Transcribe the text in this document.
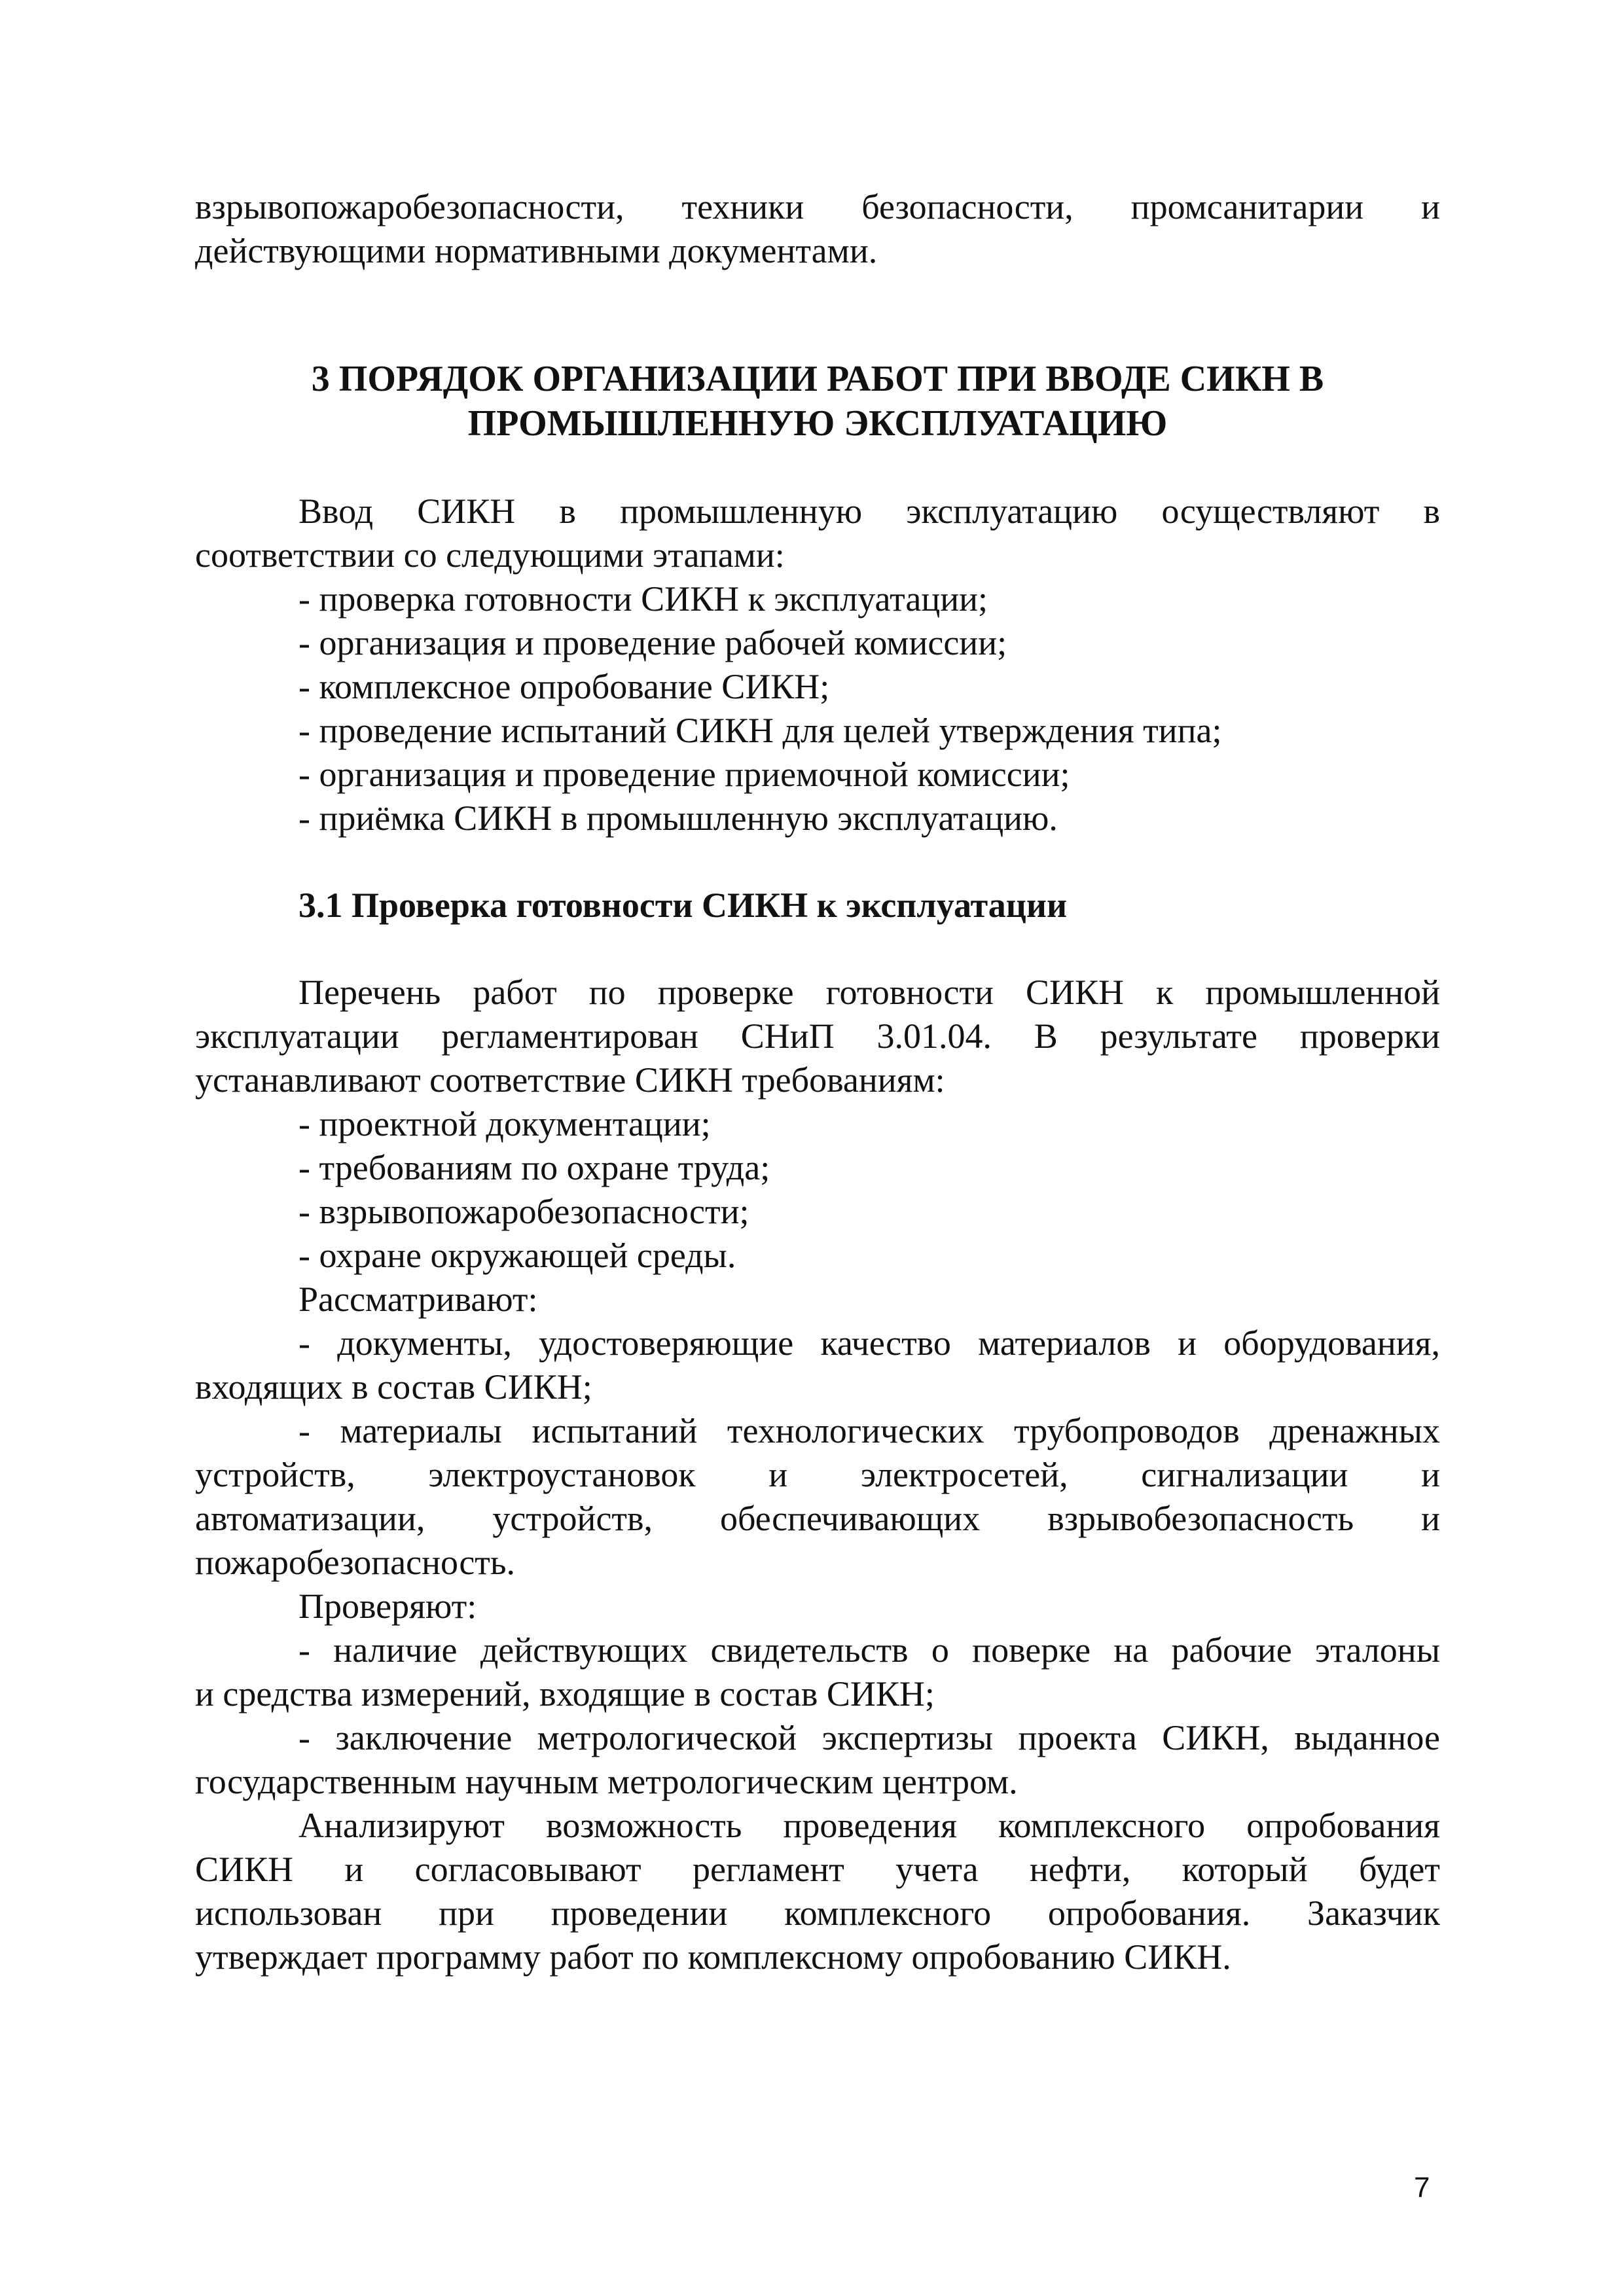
взрывопожаробезопасности, техники безопасности, промсанитарии и

действующими нормативными документами.

3 ПОРЯДОК ОРГАНИЗАЦИИ РАБОТ ПРИ ВВОДЕ СИКН В
ПРОМЫШЛЕННУЮ ЭКСПЛУАТАЦИЮ

Ввод СИКН в промышленную эксплуатацию осуществляют в

соответствии со следующими этапами:

- проверка готовности СИКН к эксплуатации;

- организация и проведение рабочей комиссии;

- комплексное опробование СИКН;

- проведение испытаний СИКН для целей утверждения типа;

- организация и проведение приемочной комиссии;

- приёмка СИКН в промышленную эксплуатацию.

3.1 Проверка готовности СИКН к эксплуатации

Перечень работ по проверке готовности СИКН к промышленной

эксплуатации регламентирован СНиП 3.01.04. В результате проверки

устанавливают соответствие СИКН требованиям:

- проектной документации;

- требованиям по охране труда;

- взрывопожаробезопасности;

- охране окружающей среды.

Рассматривают:

- документы, удостоверяющие качество материалов и оборудования,

входящих в состав СИКН;

- материалы испытаний технологических трубопроводов дренажных

устройств, электроустановок и электросетей, сигнализации и

автоматизации, устройств, обеспечивающих взрывобезопасность и

пожаробезопасность.

Проверяют:

- наличие действующих свидетельств о поверке на рабочие эталоны

и средства измерений, входящие в состав СИКН;

- заключение метрологической экспертизы проекта СИКН, выданное

государственным научным метрологическим центром.

Анализируют возможность проведения комплексного опробования

СИКН и согласовывают регламент учета нефти, который будет

использован при проведении комплексного опробования. Заказчик

утверждает программу работ по комплексному опробованию СИКН.

7
